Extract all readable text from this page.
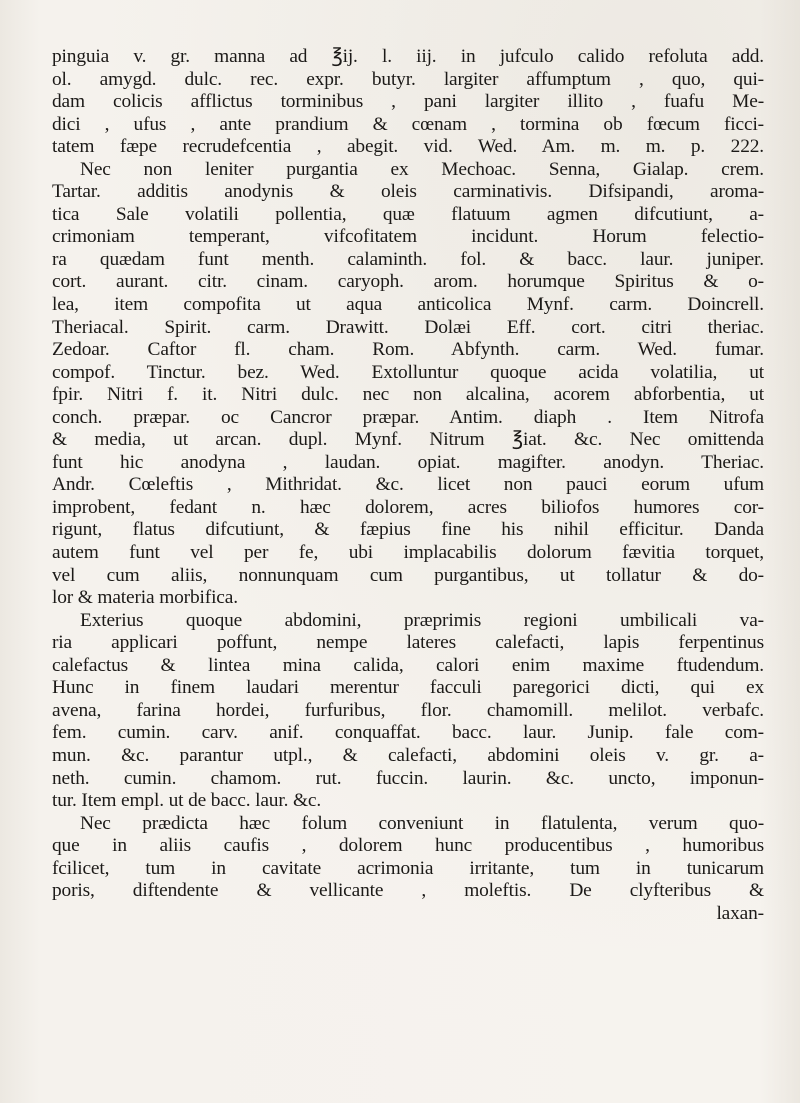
pinguia v. gr. manna ad ℥ij. l. iij. in jufculo calido refoluta add.
ol. amygd. dulc. rec. expr. butyr. largiter affumptum , quo, qui-
dam colicis afflictus torminibus , pani largiter illito , fuafu Me-
dici , ufus , ante prandium & cœnam , tormina ob fœcum ficci-
tatem fæpe recrudefcentia , abegit. vid. Wed. Am. m. m. p. 222.
Nec non leniter purgantia ex Mechoac. Senna, Gialap. crem.
Tartar. additis anodynis & oleis carminativis. Difsipandi, aroma-
tica Sale volatili pollentia, quæ flatuum agmen difcutiunt, a-
crimoniam temperant, vifcofitatem incidunt. Horum felectio-
ra quædam funt menth. calaminth. fol. & bacc. laur. juniper.
cort. aurant. citr. cinam. caryoph. arom. horumque Spiritus & o-
lea, item compofita ut aqua anticolica Mynf. carm. Doincrell.
Theriacal. Spirit. carm. Drawitt. Dolæi Eff. cort. citri theriac.
Zedoar. Caftor fl. cham. Rom. Abfynth. carm. Wed. fumar.
compof. Tinctur. bez. Wed. Extolluntur quoque acida volatilia, ut
fpir. Nitri f. it. Nitri dulc. nec non alcalina, acorem abforbentia, ut
conch. præpar. oc Cancror præpar. Antim. diaph . Item Nitrofa
& media, ut arcan. dupl. Mynf. Nitrum ℥iat. &c. Nec omittenda
funt hic anodyna , laudan. opiat. magifter. anodyn. Theriac.
Andr. Cœleftis , Mithridat. &c. licet non pauci eorum ufum
improbent, fedant n. hæc dolorem, acres biliofos humores cor-
rigunt, flatus difcutiunt, & fæpius fine his nihil efficitur. Danda
autem funt vel per fe, ubi implacabilis dolorum fævitia torquet,
vel cum aliis, nonnunquam cum purgantibus, ut tollatur & do-
lor & materia morbifica.
Exterius quoque abdomini, præprimis regioni umbilicali va-
ria applicari poffunt, nempe lateres calefacti, lapis ferpentinus
calefactus & lintea mina calida, calori enim maxime ftudendum.
Hunc in finem laudari merentur facculi paregorici dicti, qui ex
avena, farina hordei, furfuribus, flor. chamomill. melilot. verbafc.
fem. cumin. carv. anif. conquaffat. bacc. laur. Junip. fale com-
mun. &c. parantur utpl., & calefacti, abdomini oleis v. gr. a-
neth. cumin. chamom. rut. fuccin. laurin. &c. uncto, imponun-
tur. Item empl. ut de bacc. laur. &c.
Nec prædicta hæc folum conveniunt in flatulenta, verum quo-
que in aliis caufis , dolorem hunc producentibus , humoribus
fcilicet, tum in cavitate acrimonia irritante, tum in tunicarum
poris, diftendente & vellicante , moleftis. De clyfteribus &
laxan-
